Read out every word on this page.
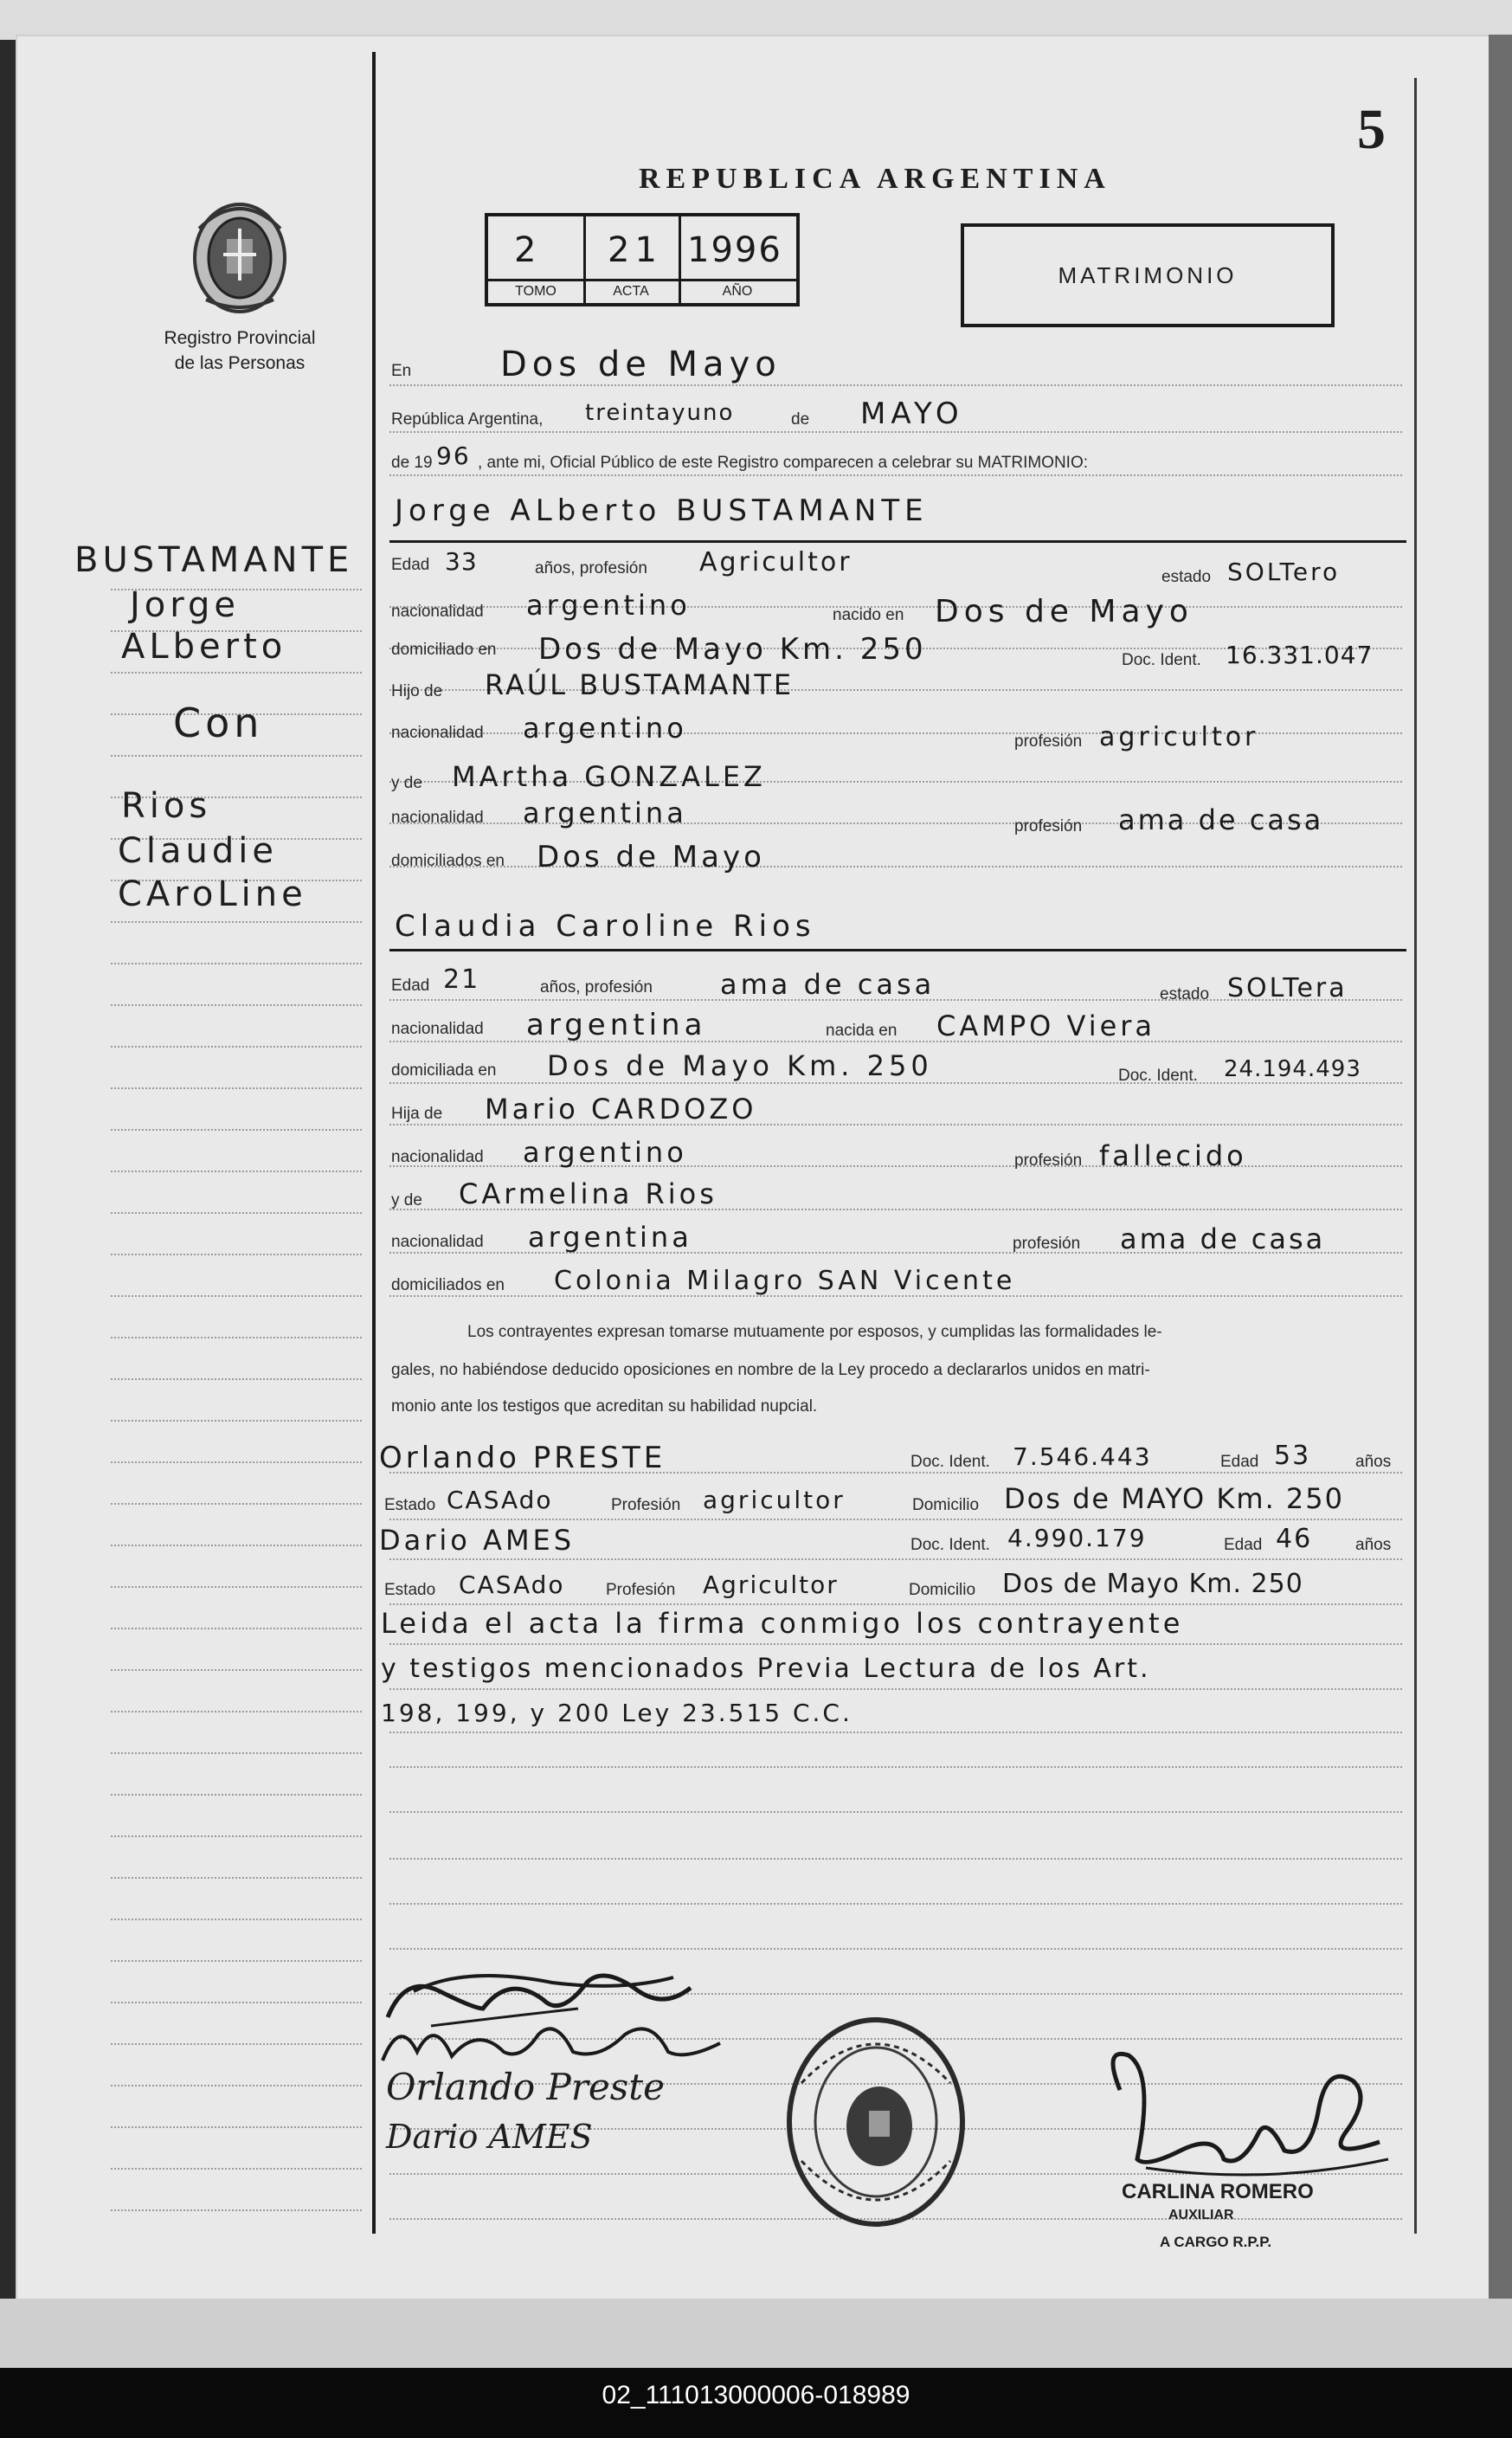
5
REPUBLICA ARGENTINA
Registro Provincial
de las Personas
2
TOMO
21
ACTA
1996
AÑO
MATRIMONIO
BUSTAMANTE
Jorge
ALberto
Con
Rios
Claudie
CAroLine
En	Dos de Mayo
República Argentina, treintayuno	de MAYO
de 19 96 , ante mi, Oficial Público de este Registro comparecen a celebrar su MATRIMONIO:
Jorge ALberto BUSTAMANTE
Edad 33	años, profesión Agricultor	estado SOLTero
nacionalidad argentino	nacido en Dos de Mayo
domiciliado en Dos de Mayo Km. 250	Doc. Ident. 16.331.047
Hijo de RAÚL BUSTAMANTE
nacionalidad argentino	profesión agricultor
y de MArtha GONZALEZ
nacionalidad argentina	profesión ama de casa
domiciliados en Dos de Mayo
Claudia Caroline Rios
Edad 21	años, profesión ama de casa	estado SOLTera
nacionalidad argentina	nacida en CAMPO Viera
domiciliada en Dos de Mayo Km. 250	Doc. Ident. 24.194.493
Hija de Mario CARDOZO
nacionalidad argentino	profesión fallecido
y de CArmelina Rios
nacionalidad argentina	profesión ama de casa
domiciliados en Colonia Milagro SAN Vicente
Los contrayentes expresan tomarse mutuamente por esposos, y cumplidas las formalidades le-
gales, no habiéndose deducido oposiciones en nombre de la Ley procedo a declararlos unidos en matri-
monio ante los testigos que acreditan su habilidad nupcial.
Orlando PRESTE	Doc. Ident. 7.546.443	Edad 53	años
Estado CASAdo	Profesión agricultor	Domicilio Dos de MAYO Km. 250
Dario AMES	Doc. Ident. 4.990.179	Edad 46	años
Estado CASAdo Profesión Agricultor	Domicilio Dos de Mayo Km. 250
Leida el acta la firma conmigo los contrayente
y testigos mencionados Previa Lectura de los Art.
198, 199, y 200 Ley 23.515 C.C.
Orlando Preste
Dario AMES
CARLINA ROMERO
AUXILIAR
A CARGO R.P.P.
02_111013000006-018989
